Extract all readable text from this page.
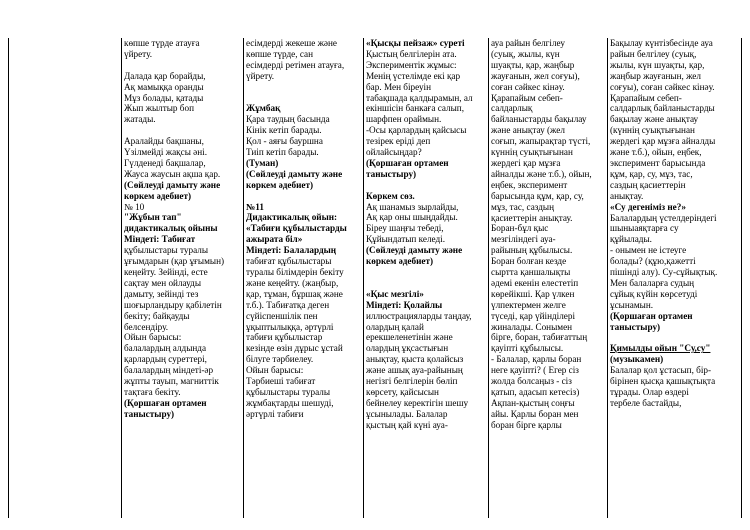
көпше түрде атауға
үйрету.
Далада қар борайды,
Ақ мамыққа оранды
Мұз болады, қатады
Жып жылтыр боп
жатады.
Аралайды бақшаны,
Үзілмейді жақсы әні.
Гүлденеді бақшалар,
Жауса жаусын ақша қар.
(Сөйлеуді дамыту және
көркем әдебиет)
№ 10
"Жұбын тап"
дидактикалық ойыны
Міндеті: Табиғат
құбылыстары туралы
ұғымдарын (қар ұғымын)
кеңейту. Зейінді, есте
сақтау мен ойлауды
дамыту, зейінді тез
шоғырландыру қабілетін
бекіту; байқауды
белсендіру.
Ойын барысы:
балалардың алдында
қарлардың суреттері,
балалардың міндеті-әр
жұпты тауып, магниттік
тақтаға бекіту.
(Қоршаған ортамен
таныстыру)
есімдерді жекеше және
көпше түрде, сан
есімдерді ретімен атауға,
үйрету.
Жұмбақ
Қара таудың басында
Кінік кетіп барады.
Қол - аяғы бауршна
Тиіп кетіп барады.
(Туман)
(Сөйлеуді дамыту және
көркем әдебиет)
№11
Дидактикалық ойын:
«Табиғи құбылыстарды
ажырата біл»
Міндеті: Балалардың
табиғат құбылыстары
туралы білімдерін бекіту
және кеңейту. (жаңбыр,
қар, тұман, бұршақ және
т.б.). Табиғатқа деген
сүйіспеншілік пен
ұқыптылыққа, әртүрлі
табиғи құбылыстар
кезінде өзін дұрыс ұстай
білуге тәрбиелеу.
Ойын барысы:
Тәрбиеші табиғат
құбылыстары туралы
жұмбақтарды шешуді,
әртүрлі табиғи
«Қысқы пейзаж» суреті
Қыстың белгілерін ата.
Экспериментік жұмыс:
Менің үстелімде екі қар
бар. Мен біреуін
табақшада қалдырамын, ал
екіншісін банкаға салып,
шарфпен ораймын.
-Осы қарлардың қайсысы
тезірек еріді деп
ойлайсыңдар?
(Қоршаған ортамен
таныстыру)
Көркем сөз.
Ақ шанамыз зырлайды,
Ақ қар оны шыңдайды.
Біреу шаңғы тебеді,
Құйындатып келеді.
(Сөйлеуді дамыту және
көркем әдебиет)
«Қыс мезгілі»
Міндеті: Қолайлы
иллюстрацияларды таңдау,
олардың қалай
ерекшеленетінін және
олардың ұқсастығын
анықтау, қыста қолайсыз
және ашық ауа-райының
негізгі белгілерін бөліп
көрсету, қайсысын
бейнелеу керектігін шешу
ұсынылады. Балалар
қыстың қай күні ауа-
ауа райын белгілеу
(суық, жылы, күн
шуақты, қар, жаңбыр
жауғанын, жел соғуы),
соған сәйкес кінәу.
Қарапайым себеп-
салдарлық
байланыстарды бақылау
және анықтау (жел
соғып, жапырақтар түсті,
күннің суықтығынан
жердегі қар мұзға
айналды және т.б.), ойын,
еңбек, эксперимент
барысында құм, қар, су,
мұз, тас, саздың
қасиеттерін анықтау.
Боран-бұл қыс
мезгіліндегі ауа-
райының құбылысы.
Боран болған кезде
сыртта қаншалықты
әдемі екенін елестетіп
көрейікші. Қар үлкен
үлпектермен желге
түседі, қар үйінділері
жиналады. Сонымен
бірге, боран, табиғаттың
қауіпті құбылысы.
- Балалар, қарлы боран
неге қауіпті? ( Егер сіз
жолда болсаңыз - сіз
қатып, адасып кетесіз)
Ақпан-қыстың соңғы
айы. Қарлы боран мен
боран бірге қарлы
Бақылау күнтізбесінде ауа
райын белгілеу (суық,
жылы, күн шуақты, қар,
жаңбыр жауғанын, жел
соғуы), соған сәйкес кінәу.
Қарапайым себеп-
салдарлық байланыстарды
бақылау және анықтау
(күннің суықтығынан
жердегі қар мұзға айналды
және т.б.), ойын, еңбек,
эксперимент барысында
құм, қар, су, мұз, тас,
саздың қасиеттерін
анықтау.
«Су дегеніміз не?»
Балалардың үстелдеріндегі
шыныаяқтарға су
құйылады.
- онымен не істеуге
болады? (құю,қажетті
пішінді алу). Су-сұйықтық.
Мен балаларға судың
сұйық күйін көрсетуді
ұсынамын.
(Қоршаған ортамен
таныстыру)
Қимылды ойын "Су,су"
(музыкамен)
Балалар қол ұстасып, бір-
бірінен қысқа қашықтықта
тұрады. Олар өздері
тербеле бастайды,
